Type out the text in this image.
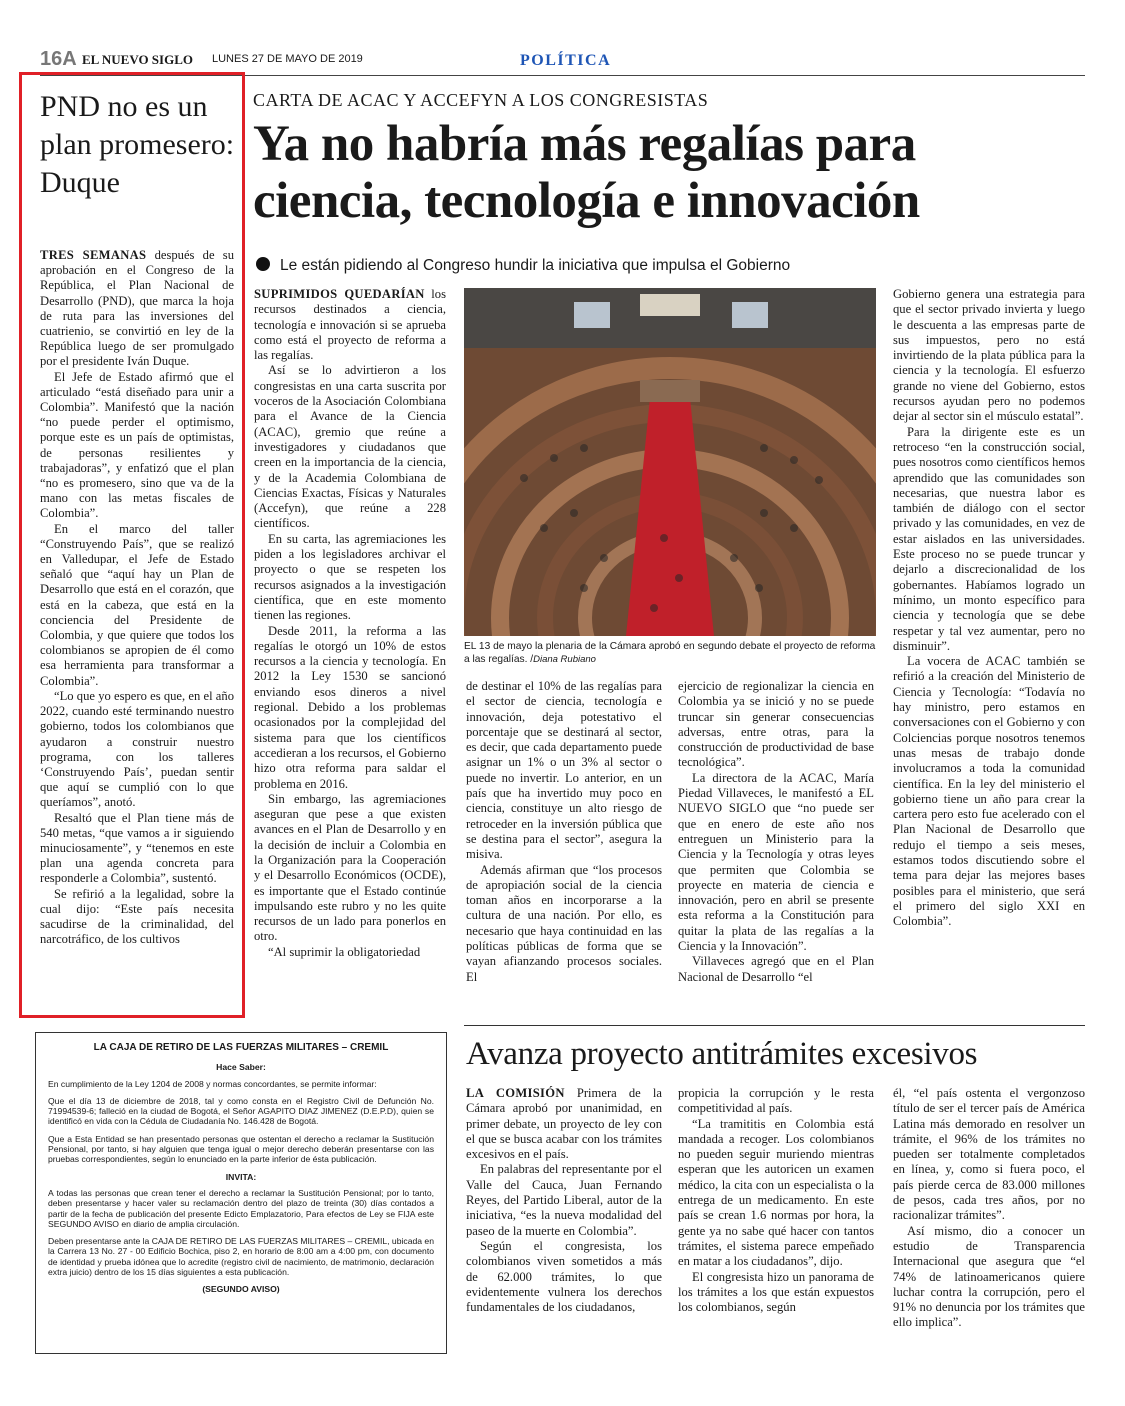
16A EL NUEVO SIGLO LUNES 27 DE MAYO DE 2019	POLÍTICA
PND no es un plan promesero: Duque

TRES SEMANAS después de su aprobación en el Congreso de la República, el Plan Nacional de Desarrollo (PND), que marca la hoja de ruta para las inversiones del cuatrienio, se convirtió en ley de la República luego de ser promulgado por el presidente Iván Duque.

El Jefe de Estado afirmó que el articulado “está diseñado para unir a Colombia”. Manifestó que la nación “no puede perder el optimismo, porque este es un país de optimistas, de personas resilientes y trabajadoras”, y enfatizó que el plan “no es promesero, sino que va de la mano con las metas fiscales de Colombia”.

En el marco del taller “Construyendo País”, que se realizó en Valledupar, el Jefe de Estado señaló que “aquí hay un Plan de Desarrollo que está en el corazón, que está en la cabeza, que está en la conciencia del Presidente de Colombia, y que quiere que todos los colombianos se apropien de él como esa herramienta para transformar a Colombia”.

“Lo que yo espero es que, en el año 2022, cuando esté terminando nuestro gobierno, todos los colombianos que ayudaron a construir nuestro programa, con los talleres ‘Construyendo País’, puedan sentir que aquí se cumplió con lo que queríamos”, anotó.

Resaltó que el Plan tiene más de 540 metas, “que vamos a ir siguiendo minuciosamente”, y “tenemos en este plan una agenda concreta para responderle a Colombia”, sustentó.

Se refirió a la legalidad, sobre la cual dijo: “Este país necesita sacudirse de la criminalidad, del narcotráfico, de los cultivos

CARTA DE ACAC Y ACCEFYN A LOS CONGRESISTAS
Ya no habría más regalías para ciencia, tecnología e innovación
Le están pidiendo al Congreso hundir la iniciativa que impulsa el Gobierno

SUPRIMIDOS QUEDARÍAN los recursos destinados a ciencia, tecnología e innovación si se aprueba como está el proyecto de reforma a las regalías.

Así se lo advirtieron a los congresistas en una carta suscrita por voceros de la Asociación Colombiana para el Avance de la Ciencia (ACAC), gremio que reúne a investigadores y ciudadanos que creen en la importancia de la ciencia, y de la Academia Colombiana de Ciencias Exactas, Físicas y Naturales (Accefyn), que reúne a 228 científicos.

En su carta, las agremiaciones les piden a los legisladores archivar el proyecto o que se respeten los recursos asignados a la investigación científica, que en este momento tienen las regiones.

Desde 2011, la reforma a las regalías le otorgó un 10% de estos recursos a la ciencia y tecnología. En 2012 la Ley 1530 se sancionó enviando esos dineros a nivel regional. Debido a los problemas ocasionados por la complejidad del sistema para que los científicos accedieran a los recursos, el Gobierno hizo otra reforma para saldar el problema en 2016.

Sin embargo, las agremiaciones aseguran que pese a que existen avances en el Plan de Desarrollo y en la decisión de incluir a Colombia en la Organización para la Cooperación y el Desarrollo Económicos (OCDE), es importante que el Estado continúe impulsando este rubro y no les quite recursos de un lado para ponerlos en otro.

“Al suprimir la obligatoriedad

EL 13 de mayo la plenaria de la Cámara aprobó en segundo debate el proyecto de reforma a las regalías. /Diana Rubiano

de destinar el 10% de las regalías para el sector de ciencia, tecnología e innovación, deja potestativo el porcentaje que se destinará al sector, es decir, que cada departamento puede asignar un 1% o un 3% al sector o puede no invertir. Lo anterior, en un país que ha invertido muy poco en ciencia, constituye un alto riesgo de retroceder en la inversión pública que se destina para el sector”, asegura la misiva.

Además afirman que “los procesos de apropiación social de la ciencia toman años en incorporarse a la cultura de una nación. Por ello, es necesario que haya continuidad en las políticas públicas de forma que se vayan afianzando procesos sociales. El

ejercicio de regionalizar la ciencia en Colombia ya se inició y no se puede truncar sin generar consecuencias adversas, entre otras, para la construcción de productividad de base tecnológica”.

La directora de la ACAC, María Piedad Villaveces, le manifestó a EL NUEVO SIGLO que “no puede ser que en enero de este año nos entreguen un Ministerio para la Ciencia y la Tecnología y otras leyes que permiten que Colombia se proyecte en materia de ciencia e innovación, pero en abril se presente esta reforma a la Constitución para quitar la plata de las regalías a la Ciencia y la Innovación”.

Villaveces agregó que en el Plan Nacional de Desarrollo “el

Gobierno genera una estrategia para que el sector privado invierta y luego le descuenta a las empresas parte de sus impuestos, pero no está invirtiendo de la plata pública para la ciencia y la tecnología. El esfuerzo grande no viene del Gobierno, estos recursos ayudan pero no podemos dejar al sector sin el músculo estatal”.

Para la dirigente este es un retroceso “en la construcción social, pues nosotros como científicos hemos aprendido que las comunidades son necesarias, que nuestra labor es también de diálogo con el sector privado y las comunidades, en vez de estar aislados en las universidades. Este proceso no se puede truncar y dejarlo a discrecionalidad de los gobernantes. Habíamos logrado un mínimo, un monto específico para ciencia y tecnología que se debe respetar y tal vez aumentar, pero no disminuir”.

La vocera de ACAC también se refirió a la creación del Ministerio de Ciencia y Tecnología: “Todavía no hay ministro, pero estamos en conversaciones con el Gobierno y con Colciencias porque nosotros tenemos unas mesas de trabajo donde involucramos a toda la comunidad científica. En la ley del ministerio el gobierno tiene un año para crear la cartera pero esto fue acelerado con el Plan Nacional de Desarrollo que redujo el tiempo a seis meses, estamos todos discutiendo sobre el tema para dejar las mejores bases posibles para el ministerio, que será el primero del siglo XXI en Colombia”.

LA CAJA DE RETIRO DE LAS FUERZAS MILITARES – CREMIL
Hace Saber:

En cumplimiento de la Ley 1204 de 2008 y normas concordantes, se permite informar:

Que el día 13 de diciembre de 2018, tal y como consta en el Registro Civil de Defunción No. 71994539-6; falleció en la ciudad de Bogotá, el Señor AGAPITO DIAZ JIMENEZ (D.E.P.D), quien se identificó en vida con la Cédula de Ciudadanía No. 146.428 de Bogotá.

Que a Esta Entidad se han presentado personas que ostentan el derecho a reclamar la Sustitución Pensional, por tanto, si hay alguien que tenga igual o mejor derecho deberán presentarse con las pruebas correspondientes, según lo enunciado en la parte inferior de ésta publicación.

INVITA:

A todas las personas que crean tener el derecho a reclamar la Sustitución Pensional; por lo tanto, deben presentarse y hacer valer su reclamación dentro del plazo de treinta (30) días contados a partir de la fecha de publicación del presente Edicto Emplazatorio, Para efectos de Ley se FIJA este SEGUNDO AVISO en diario de amplia circulación.

Deben presentarse ante la CAJA DE RETIRO DE LAS FUERZAS MILITARES – CREMIL, ubicada en la Carrera 13 No. 27 - 00 Edificio Bochica, piso 2, en horario de 8:00 am a 4:00 pm, con documento de identidad y prueba idónea que lo acredite (registro civil de nacimiento, de matrimonio, declaración extra juicio) dentro de los 15 días siguientes a esta publicación.

(SEGUNDO AVISO)
Avanza proyecto antitrámites excesivos

LA COMISIÓN Primera de la Cámara aprobó por unanimidad, en primer debate, un proyecto de ley con el que se busca acabar con los trámites excesivos en el país.

En palabras del representante por el Valle del Cauca, Juan Fernando Reyes, del Partido Liberal, autor de la iniciativa, “es la nueva modalidad del paseo de la muerte en Colombia”.

Según el congresista, los colombianos viven sometidos a más de 62.000 trámites, lo que evidentemente vulnera los derechos fundamentales de los ciudadanos,

propicia la corrupción y le resta competitividad al país.

“La tramititis en Colombia está mandada a recoger. Los colombianos no pueden seguir muriendo mientras esperan que les autoricen un examen médico, la cita con un especialista o la entrega de un medicamento. En este país se crean 1.6 normas por hora, la gente ya no sabe qué hacer con tantos trámites, el sistema parece empeñado en matar a los ciudadanos”, dijo.

El congresista hizo un panorama de los trámites a los que están expuestos los colombianos, según

él, “el país ostenta el vergonzoso título de ser el tercer país de América Latina más demorado en resolver un trámite, el 96% de los trámites no pueden ser totalmente completados en línea, y, como si fuera poco, el país pierde cerca de 83.000 millones de pesos, cada tres años, por no racionalizar trámites”.

Así mismo, dio a conocer un estudio de Transparencia Internacional que asegura que “el 74% de latinoamericanos quiere luchar contra la corrupción, pero el 91% no denuncia por los trámites que ello implica”.
